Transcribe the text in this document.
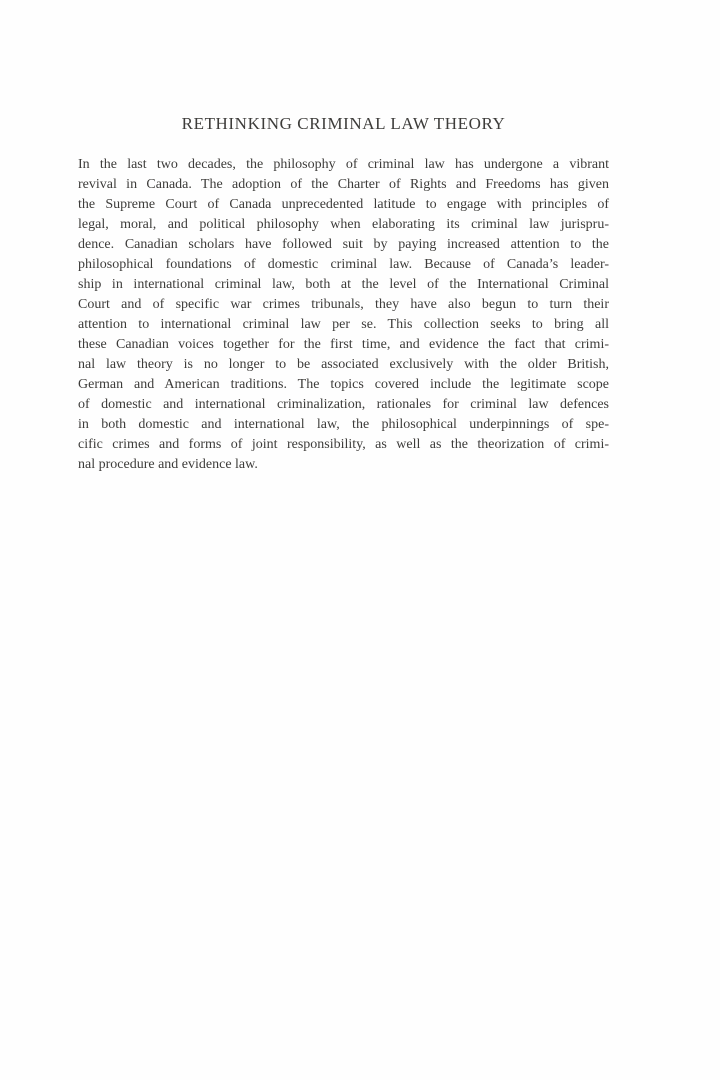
RETHINKING CRIMINAL LAW THEORY
In the last two decades, the philosophy of criminal law has undergone a vibrant
revival in Canada. The adoption of the Charter of Rights and Freedoms has given
the Supreme Court of Canada unprecedented latitude to engage with principles of
legal, moral, and political philosophy when elaborating its criminal law jurispru-
dence. Canadian scholars have followed suit by paying increased attention to the
philosophical foundations of domestic criminal law. Because of Canada’s leader-
ship in international criminal law, both at the level of the International Criminal
Court and of specific war crimes tribunals, they have also begun to turn their
attention to international criminal law per se. This collection seeks to bring all
these Canadian voices together for the first time, and evidence the fact that crimi-
nal law theory is no longer to be associated exclusively with the older British,
German and American traditions. The topics covered include the legitimate scope
of domestic and international criminalization, rationales for criminal law defences
in both domestic and international law, the philosophical underpinnings of spe-
cific crimes and forms of joint responsibility, as well as the theorization of crimi-
nal procedure and evidence law.
